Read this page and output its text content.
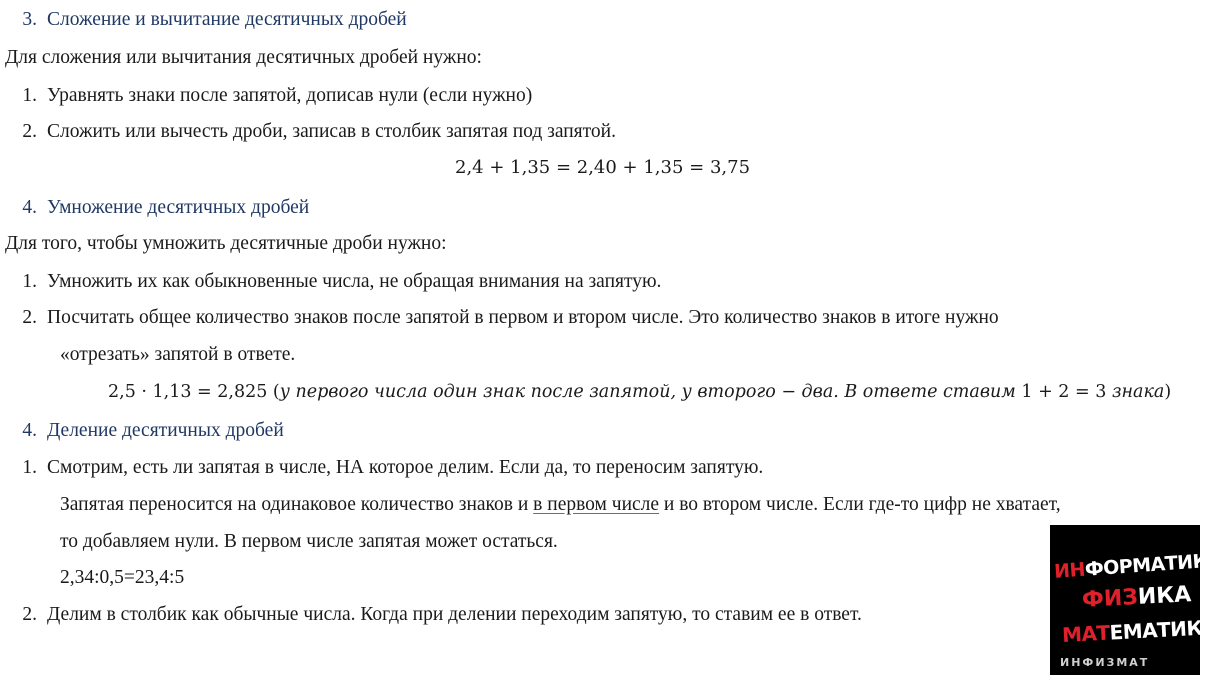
3. Сложение и вычитание десятичных дробей
Для сложения или вычитания десятичных дробей нужно:
1. Уравнять знаки после запятой, дописав нули (если нужно)
2. Сложить или вычесть дроби, записав в столбик запятая под запятой.
2,4 + 1,35 = 2,40 + 1,35 = 3,75
4. Умножение десятичных дробей
Для того, чтобы умножить десятичные дроби нужно:
1. Умножить их как обыкновенные числа, не обращая внимания на запятую.
2. Посчитать общее количество знаков после запятой в первом и втором числе. Это количество знаков в итоге нужно
«отрезать» запятой в ответе.
2,5 · 1,13 = 2,825 (у первого числа один знак после запятой, у второго − два. В ответе ставим 1 + 2 = 3 знака)
4. Деление десятичных дробей
1. Смотрим, есть ли запятая в числе, НА которое делим. Если да, то переносим запятую.
Запятая переносится на одинаковое количество знаков и в первом числе и во втором числе. Если где-то цифр не хватает,
то добавляем нули. В первом числе запятая может остаться.
2,34:0,5=23,4:5
2. Делим в столбик как обычные числа. Когда при делении переходим запятую, то ставим ее в ответ.
ИНФОРМАТИКА
ФИЗИКА
МАТЕМАТИКА
ИНФИЗМАТ
